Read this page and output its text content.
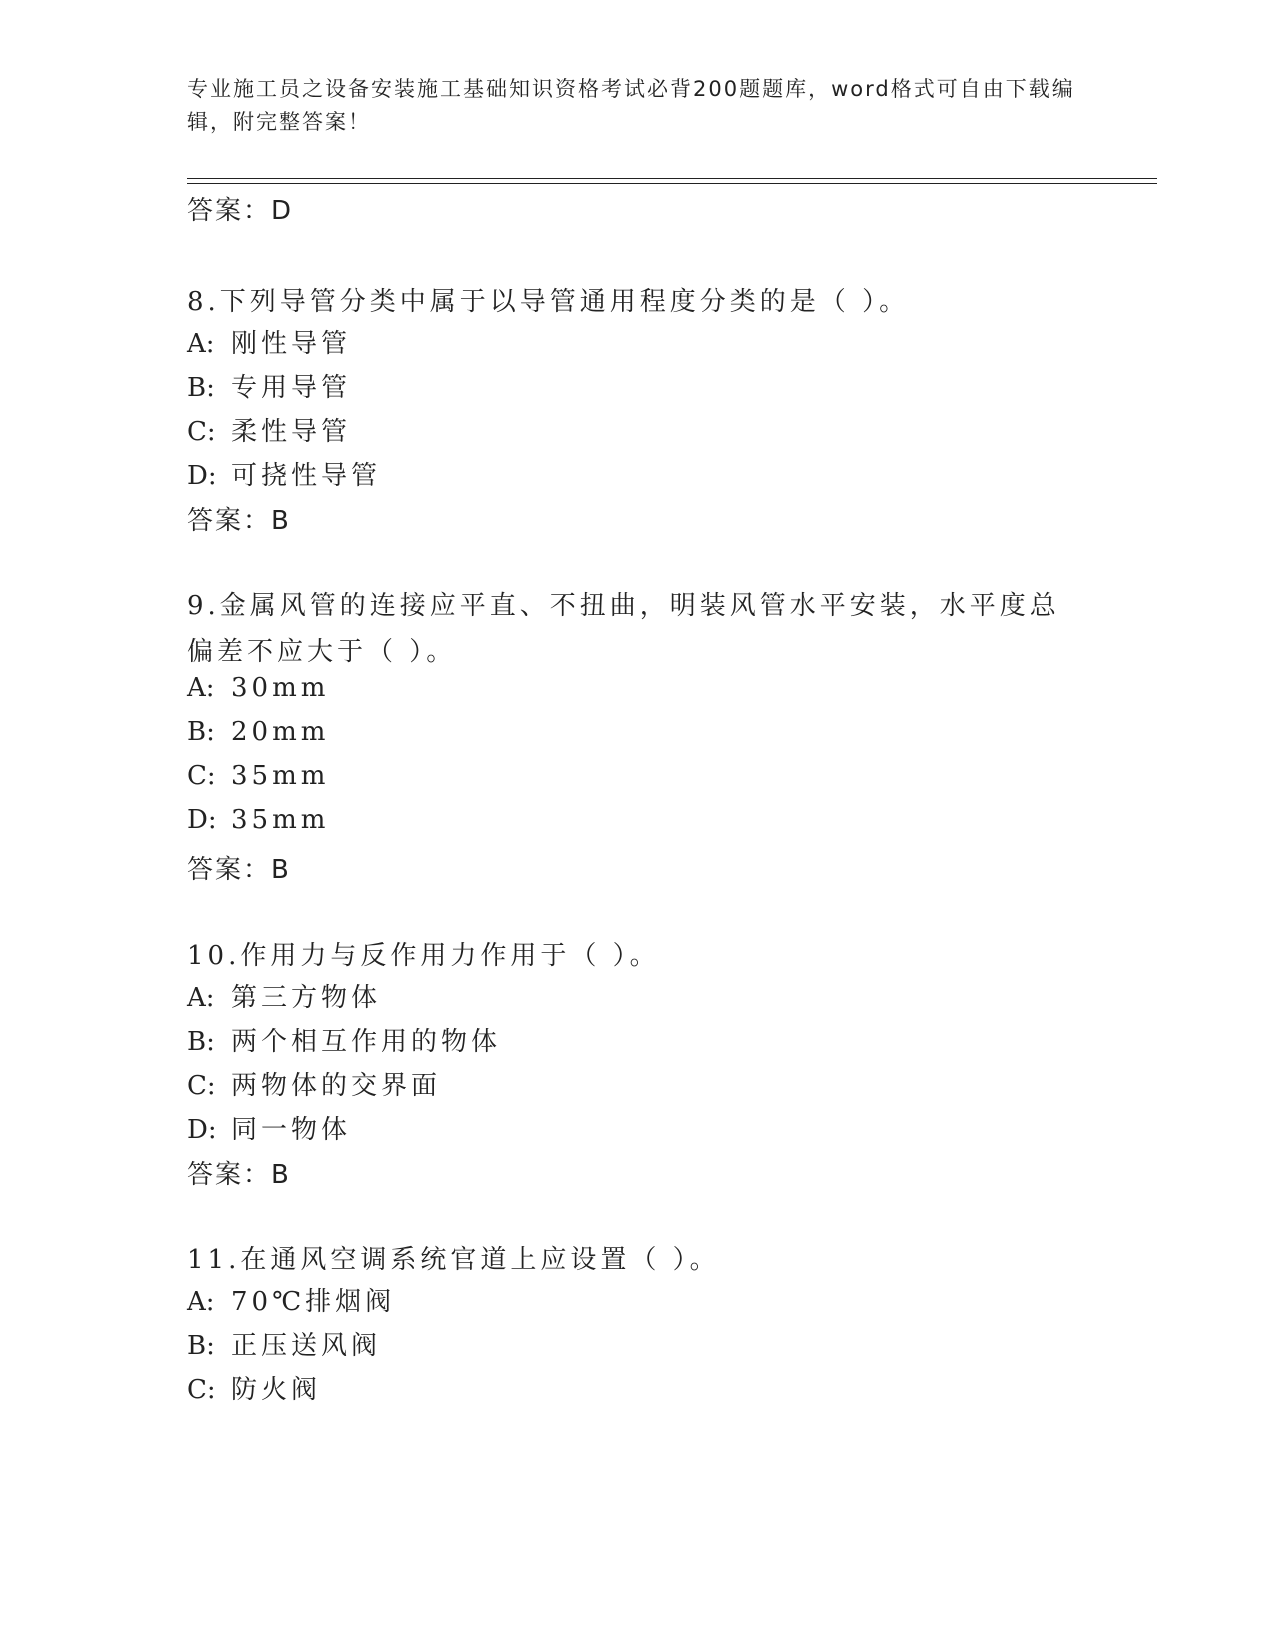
专业施工员之设备安装施工基础知识资格考试必背200题题库，word格式可自由下载编辑，附完整答案！
答案：D
8.下列导管分类中属于以导管通用程度分类的是（ ）。
A: 刚性导管
B: 专用导管
C: 柔性导管
D: 可挠性导管
答案：B
9.金属风管的连接应平直、不扭曲，明装风管水平安装，水平度总偏差不应大于（ ）。
A: 30mm
B: 20mm
C: 35mm
D: 35mm
答案：B
10.作用力与反作用力作用于（ ）。
A: 第三方物体
B: 两个相互作用的物体
C: 两物体的交界面
D: 同一物体
答案：B
11.在通风空调系统官道上应设置（ ）。
A: 70℃排烟阀
B: 正压送风阀
C: 防火阀
